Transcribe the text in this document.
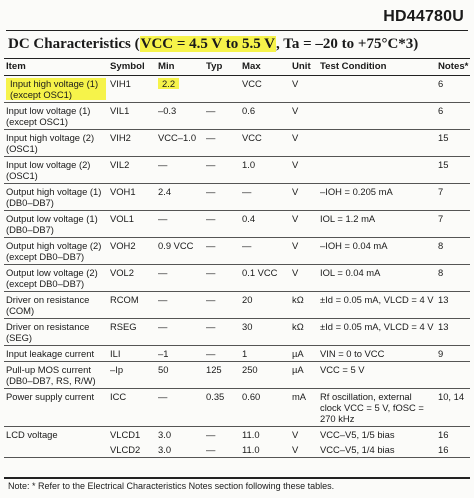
HD44780U
DC Characteristics (VCC = 4.5 V to 5.5 V, Ta = –20 to +75°C*3)
Item	Symbol	Min	Typ	Max	Unit	Test Condition	Notes*
Input high voltage (1) (except OSC1)	VIH1	2.2		VCC	V		6
Input low voltage (1) (except OSC1)	VIL1	–0.3	—	0.6	V		6
Input high voltage (2) (OSC1)	VIH2	VCC–1.0	—	VCC	V		15
Input low voltage (2) (OSC1)	VIL2	—	—	1.0	V		15
Output high voltage (1) (DB0–DB7)	VOH1	2.4	—	—	V	–IOH = 0.205 mA	7
Output low voltage (1) (DB0–DB7)	VOL1	—	—	0.4	V	IOL = 1.2 mA	7
Output high voltage (2) (except DB0–DB7)	VOH2	0.9 VCC	—	—	V	–IOH = 0.04 mA	8
Output low voltage (2) (except DB0–DB7)	VOL2	—	—	0.1 VCC	V	IOL = 0.04 mA	8
Driver on resistance (COM)	RCOM	—	—	20	kΩ	±Id = 0.05 mA, VLCD = 4 V	13
Driver on resistance (SEG)	RSEG	—	—	30	kΩ	±Id = 0.05 mA, VLCD = 4 V	13
Input leakage current	ILI	–1	—	1	µA	VIN = 0 to VCC	9
Pull-up MOS current (DB0–DB7, RS, R/W)	–Ip	50	125	250	µA	VCC = 5 V	
Power supply current	ICC	—	0.35	0.60	mA	Rf oscillation, external clock VCC = 5 V, fOSC = 270 kHz	10, 14
LCD voltage	VLCD1	3.0	—	11.0	V	VCC–V5, 1/5 bias	16
	VLCD2	3.0	—	11.0	V	VCC–V5, 1/4 bias	16
Note: * Refer to the Electrical Characteristics Notes section following these tables.
